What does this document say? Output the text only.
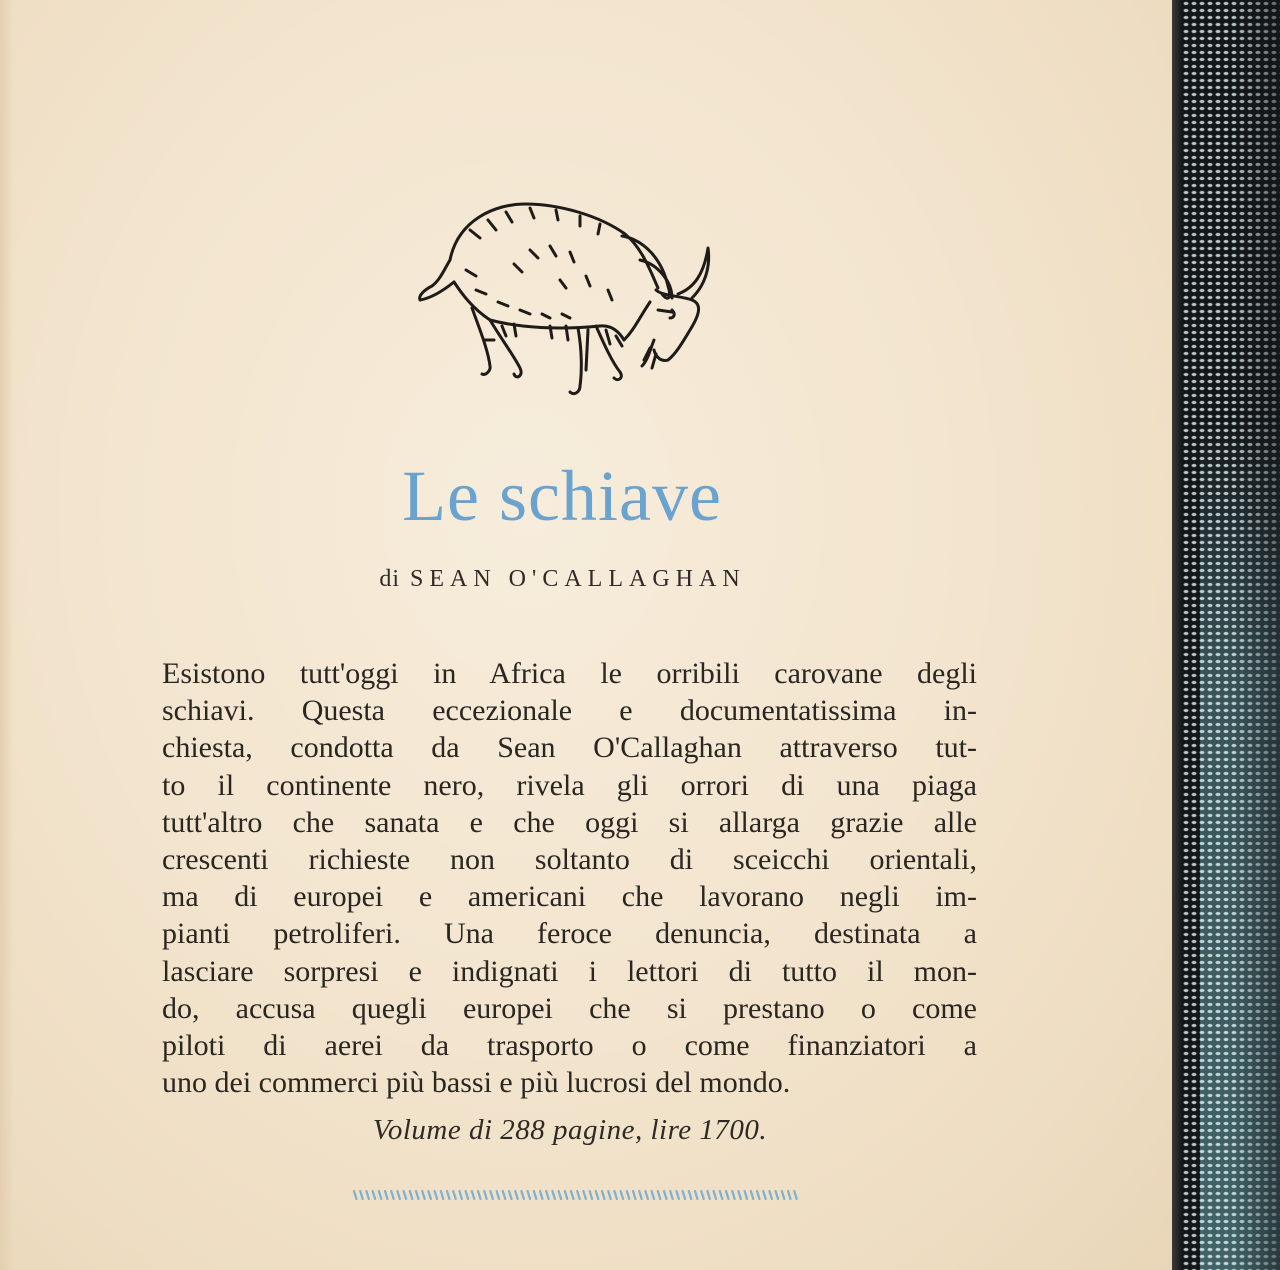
Le schiave
di SEAN O'CALLAGHAN
Esistono tutt'oggi in Africa le orribili carovane degli
schiavi. Questa eccezionale e documentatissima in-
chiesta, condotta da Sean O'Callaghan attraverso tut-
to il continente nero, rivela gli orrori di una piaga
tutt'altro che sanata e che oggi si allarga grazie alle
crescenti richieste non soltanto di sceicchi orientali,
ma di europei e americani che lavorano negli im-
pianti petroliferi. Una feroce denuncia, destinata a
lasciare sorpresi e indignati i lettori di tutto il mon-
do, accusa quegli europei che si prestano o come
piloti di aerei da trasporto o come finanziatori a
uno dei commerci più bassi e più lucrosi del mondo.
Volume di 288 pagine, lire 1700.
